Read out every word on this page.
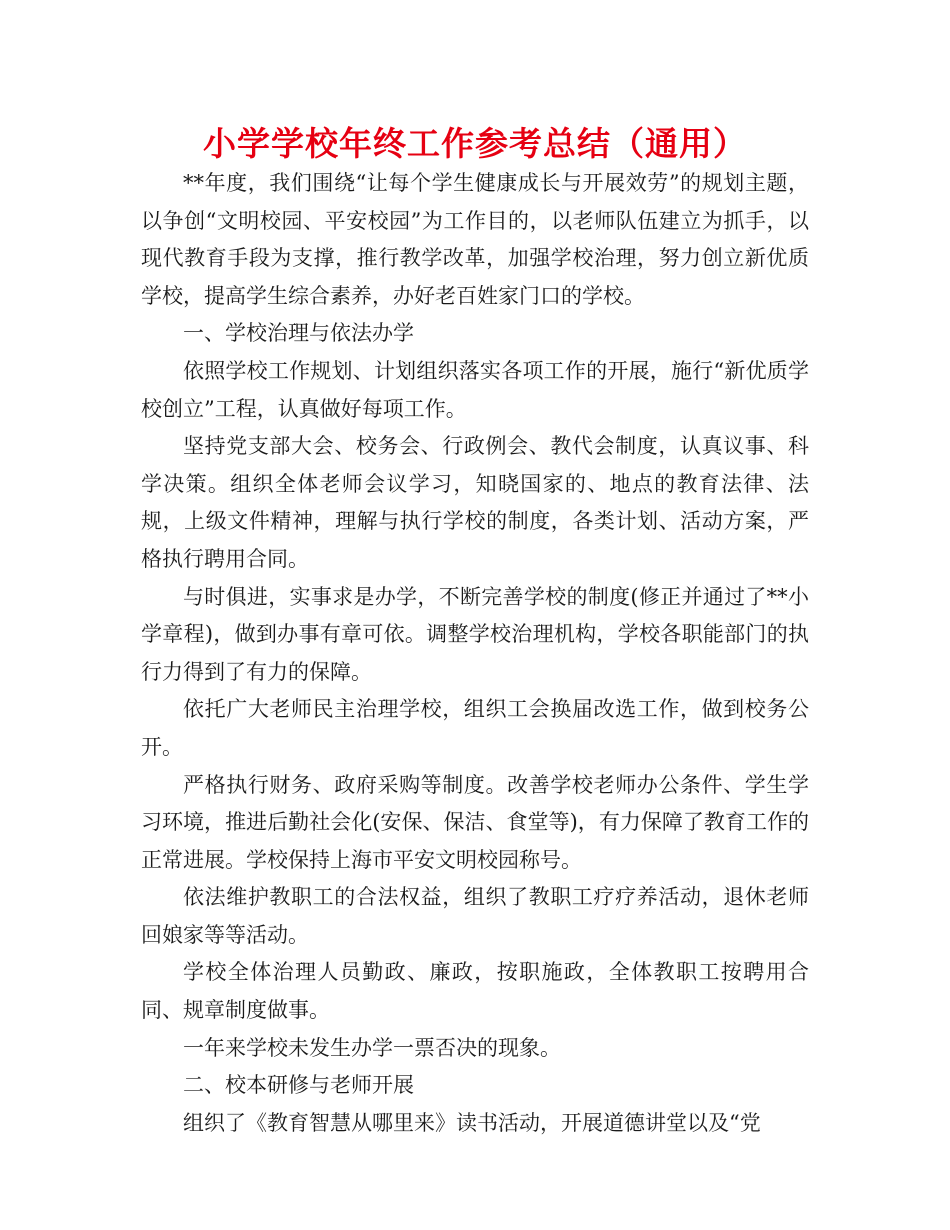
小学学校年终工作参考总结（通用）

**年度，我们围绕“让每个学生健康成长与开展效劳”的规划主题，以争创“文明校园、平安校园”为工作目的，以老师队伍建立为抓手，以现代教育手段为支撑，推行教学改革，加强学校治理，努力创立新优质学校，提高学生综合素养，办好老百姓家门口的学校。

一、学校治理与依法办学

依照学校工作规划、计划组织落实各项工作的开展，施行“新优质学校创立”工程，认真做好每项工作。

坚持党支部大会、校务会、行政例会、教代会制度，认真议事、科学决策。组织全体老师会议学习，知晓国家的、地点的教育法律、法规，上级文件精神，理解与执行学校的制度，各类计划、活动方案，严格执行聘用合同。

与时俱进，实事求是办学，不断完善学校的制度(修正并通过了**小学章程)，做到办事有章可依。调整学校治理机构，学校各职能部门的执行力得到了有力的保障。

依托广大老师民主治理学校，组织工会换届改选工作，做到校务公开。

严格执行财务、政府采购等制度。改善学校老师办公条件、学生学习环境，推进后勤社会化(安保、保洁、食堂等)，有力保障了教育工作的正常进展。学校保持上海市平安文明校园称号。

依法维护教职工的合法权益，组织了教职工疗疗养活动，退休老师回娘家等等活动。

学校全体治理人员勤政、廉政，按职施政，全体教职工按聘用合同、规章制度做事。

一年来学校未发生办学一票否决的现象。

二、校本研修与老师开展

组织了《教育智慧从哪里来》读书活动，开展道德讲堂以及“党
